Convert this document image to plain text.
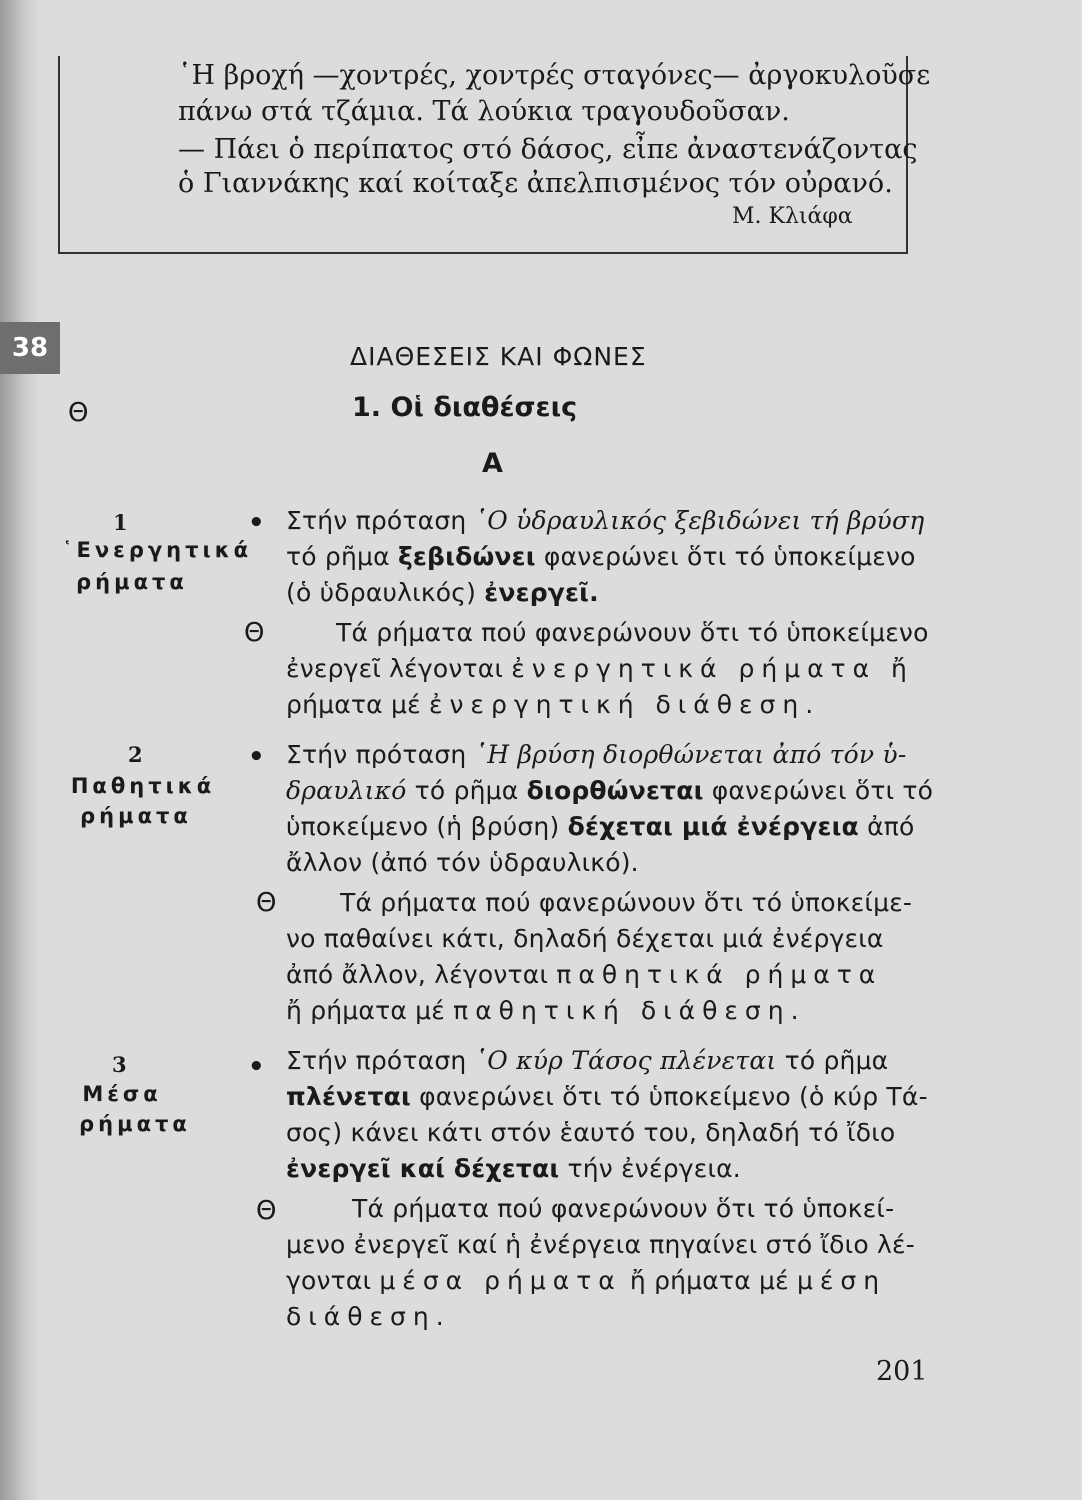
῾Η βροχή —χοντρές, χοντρές σταγόνες— ἀργοκυλοῦσε
πάνω στά τζάμια. Τά λούκια τραγουδοῦσαν.
— Πάει ὁ περίπατος στό δάσος, εἶπε ἀναστενάζοντας
ὁ Γιαννάκης καί κοίταξε ἀπελπισμένος τόν οὐρανό.
Μ. Κλιάφα
38	ΔΙΑΘΕΣΕΙΣ ΚΑΙ ΦΩΝΕΣ
Θ	1. Οἱ διαθέσεις
Α
1
῾Ενεργητικά
ρήματα
• Στήν πρόταση ῾Ο ὑδραυλικός ξεβιδώνει τή βρύση
τό ρῆμα ξεβιδώνει φανερώνει ὅτι τό ὑποκείμενο
(ὁ ὑδραυλικός) ἐνεργεῖ.
Θ	Τά ρήματα πού φανερώνουν ὅτι τό ὑποκείμενο
ἐνεργεῖ λέγονται ἐνεργητικά ρήματα ἤ
ρήματα μέ ἐνεργητική διάθεση.
2
Παθητικά
ρήματα
• Στήν πρόταση ῾Η βρύση διορθώνεται ἀπό τόν ὑ-
δραυλικό τό ρῆμα διορθώνεται φανερώνει ὅτι τό
ὑποκείμενο (ἡ βρύση) δέχεται μιά ἐνέργεια ἀπό
ἄλλον (ἀπό τόν ὑδραυλικό).
Θ	Τά ρήματα πού φανερώνουν ὅτι τό ὑποκείμε-
νο παθαίνει κάτι, δηλαδή δέχεται μιά ἐνέργεια
ἀπό ἄλλον, λέγονται παθητικά ρήματα
ἤ ρήματα μέ παθητική διάθεση.
3
Μέσα
ρήματα
• Στήν πρόταση ῾Ο κύρ Τάσος πλένεται τό ρῆμα
πλένεται φανερώνει ὅτι τό ὑποκείμενο (ὁ κύρ Τά-
σος) κάνει κάτι στόν ἑαυτό του, δηλαδή τό ἴδιο
ἐνεργεῖ καί δέχεται τήν ἐνέργεια.
Θ	Τά ρήματα πού φανερώνουν ὅτι τό ὑποκεί-
μενο ἐνεργεῖ καί ἡ ἐνέργεια πηγαίνει στό ἴδιο λέ-
γονται μέσα ρήματα ἤ ρήματα μέ μέση
διάθεση.
201
